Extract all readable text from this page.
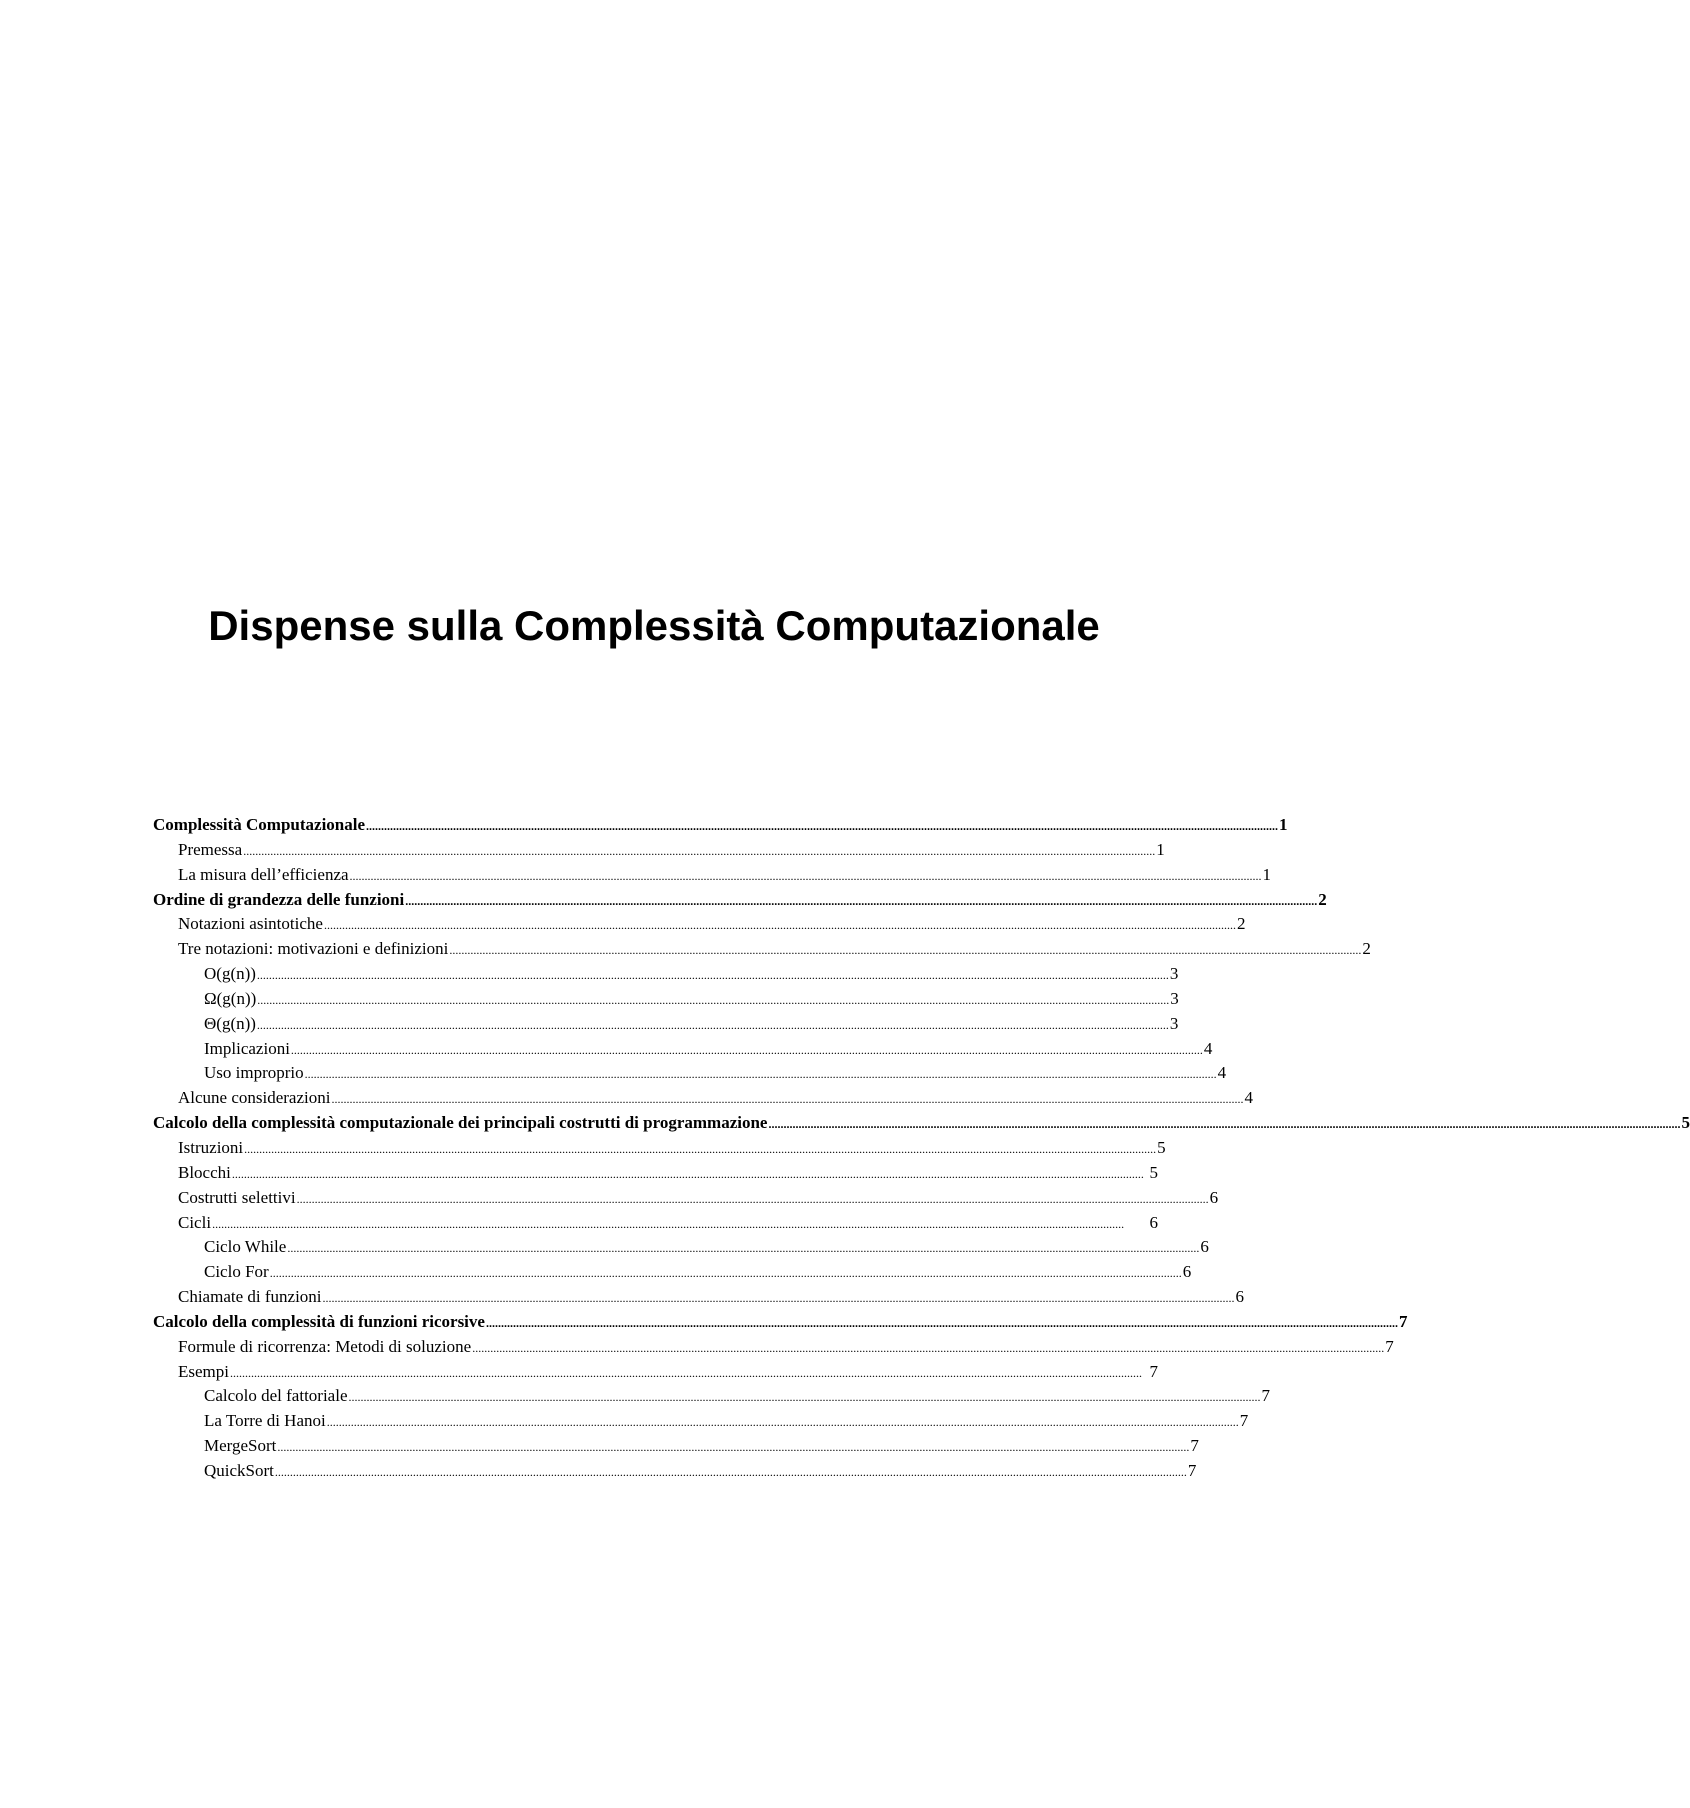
Dispense sulla Complessità Computazionale
Complessità Computazionale ................................................................................................................................................................................................................................................................................................................ 1
Premessa ................................................................................................................................................................................................................................................................................................................ 1
La misura dell’efficienza ................................................................................................................................................................................................................................................................................................................ 1
Ordine di grandezza delle funzioni ................................................................................................................................................................................................................................................................................................................ 2
Notazioni asintotiche ................................................................................................................................................................................................................................................................................................................ 2
Tre notazioni: motivazioni e definizioni ................................................................................................................................................................................................................................................................................................................ 2
O(g(n)) ................................................................................................................................................................................................................................................................................................................ 3
Ω(g(n)) ................................................................................................................................................................................................................................................................................................................ 3
Θ(g(n)) ................................................................................................................................................................................................................................................................................................................ 3
Implicazioni ................................................................................................................................................................................................................................................................................................................ 4
Uso improprio ................................................................................................................................................................................................................................................................................................................ 4
Alcune considerazioni ................................................................................................................................................................................................................................................................................................................ 4
Calcolo della complessità computazionale dei principali costrutti di programmazione ................................................................................................................................................................................................................................................................................................................ 5
Istruzioni ................................................................................................................................................................................................................................................................................................................ 5
Blocchi ................................................................................................................................................................................................................................................................................................................ 5
Costrutti selettivi ................................................................................................................................................................................................................................................................................................................ 6
Cicli ................................................................................................................................................................................................................................................................................................................	6
Ciclo While ................................................................................................................................................................................................................................................................................................................ 6
Ciclo For ................................................................................................................................................................................................................................................................................................................ 6
Chiamate di funzioni ................................................................................................................................................................................................................................................................................................................ 6
Calcolo della complessità di funzioni ricorsive ................................................................................................................................................................................................................................................................................................................ 7
Formule di ricorrenza: Metodi di soluzione ................................................................................................................................................................................................................................................................................................................ 7
Esempi ................................................................................................................................................................................................................................................................................................................ 7
Calcolo del fattoriale ................................................................................................................................................................................................................................................................................................................ 7
La Torre di Hanoi ................................................................................................................................................................................................................................................................................................................ 7
MergeSort ................................................................................................................................................................................................................................................................................................................ 7
QuickSort ................................................................................................................................................................................................................................................................................................................ 7
